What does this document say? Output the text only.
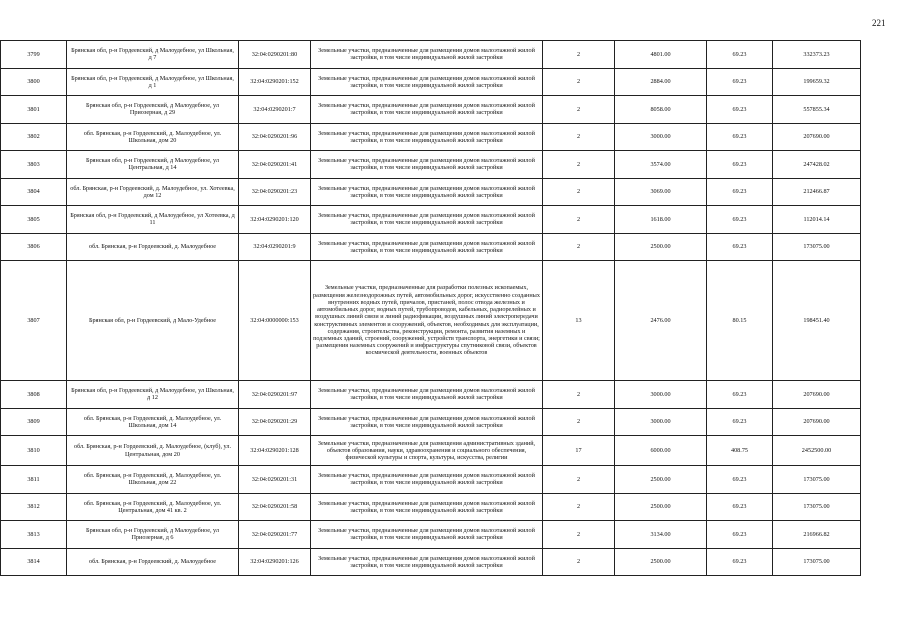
221
3799	Брянская обл, р-н Гордеевский, д Малоудебное, ул Школьная, д 7	32:04:0290201:80	Земельные участки, предназначенные для размещения домов малоэтажной жилой застройки, в том числе индивидуальной жилой застройки	2	4801.00	69.23	332373.23
3800	Брянская обл, р-н Гордеевский, д Малоудебное, ул Школьная, д 1	32:04:0290201:152	Земельные участки, предназначенные для размещения домов малоэтажной жилой застройки, в том числе индивидуальной жилой застройки	2	2884.00	69.23	199659.32
3801	Брянская обл, р-н Гордеевский, д Малоудебное, ул Приозерная, д 29	32:04:0290201:7	Земельные участки, предназначенные для размещения домов малоэтажной жилой застройки, в том числе индивидуальной жилой застройки	2	8058.00	69.23	557855.34
3802	обл. Брянская, р-н Гордеевский, д. Малоудебное, ул. Школьная, дом 20	32:04:0290201:96	Земельные участки, предназначенные для размещения домов малоэтажной жилой застройки, в том числе индивидуальной жилой застройки	2	3000.00	69.23	207690.00
3803	Брянская обл, р-н Гордеевский, д Малоудебное, ул Центральная, д 14	32:04:0290201:41	Земельные участки, предназначенные для размещения домов малоэтажной жилой застройки, в том числе индивидуальной жилой застройки	2	3574.00	69.23	247428.02
3804	обл. Брянская, р-н Гордеевский, д. Малоудебное, ул. Хотеевка, дом 12	32:04:0290201:23	Земельные участки, предназначенные для размещения домов малоэтажной жилой застройки, в том числе индивидуальной жилой застройки	2	3069.00	69.23	212466.87
3805	Брянская обл, р-н Гордеевский, д Малоудебное, ул Хотеевка, д 11	32:04:0290201:120	Земельные участки, предназначенные для размещения домов малоэтажной жилой застройки, в том числе индивидуальной жилой застройки	2	1618.00	69.23	112014.14
3806	обл. Брянская, р-н Гордеевский, д. Малоудебное	32:04:0290201:9	Земельные участки, предназначенные для размещения домов малоэтажной жилой застройки, в том числе индивидуальной жилой застройки	2	2500.00	69.23	173075.00
3807	Брянская обл, р-н Гордеевский, д Мало-Удебное	32:04:0000000:153	Земельные участки, предназначенные для разработки полезных ископаемых, размещения железнодорожных путей, автомобильных дорог, искусственно созданных внутренних водных путей, причалов, пристаней, полос отвода железных и автомобильных дорог, водных путей, трубопроводов, кабельных, радиорелейных и воздушных линий связи и линий радиофикации, воздушных линий электропередачи конструктивных элементов и сооружений, объектов, необходимых для эксплуатации, содержания, строительства, реконструкции, ремонта, развития наземных и подземных зданий, строений, сооружений, устройств транспорта, энергетики и связи; размещения наземных сооружений и инфраструктуры спутниковой связи, объектов космической деятельности, военных объектов	13	2476.00	80.15	198451.40
3808	Брянская обл, р-н Гордеевский, д Малоудебное, ул Школьная, д 12	32:04:0290201:97	Земельные участки, предназначенные для размещения домов малоэтажной жилой застройки, в том числе индивидуальной жилой застройки	2	3000.00	69.23	207690.00
3809	обл. Брянская, р-н Гордеевский, д. Малоудебное, ул. Школьная, дом 14	32:04:0290201:29	Земельные участки, предназначенные для размещения домов малоэтажной жилой застройки, в том числе индивидуальной жилой застройки	2	3000.00	69.23	207690.00
3810	обл. Брянская, р-н Гордеевский, д. Малоудебное, (клуб), ул. Центральная, дом 20	32:04:0290201:128	Земельные участки, предназначенные для размещения административных зданий, объектов образования, науки, здравоохранения и социального обеспечения, физической культуры и спорта, культуры, искусства, религии	17	6000.00	408.75	2452500.00
3811	обл. Брянская, р-н Гордеевский, д. Малоудебное, ул. Школьная, дом 22	32:04:0290201:31	Земельные участки, предназначенные для размещения домов малоэтажной жилой застройки, в том числе индивидуальной жилой застройки	2	2500.00	69.23	173075.00
3812	обл. Брянская, р-н Гордеевский, д. Малоудебное, ул. Центральная, дом 41 кв. 2	32:04:0290201:58	Земельные участки, предназначенные для размещения домов малоэтажной жилой застройки, в том числе индивидуальной жилой застройки	2	2500.00	69.23	173075.00
3813	Брянская обл, р-н Гордеевский, д Малоудебное, ул Приозерная, д 6	32:04:0290201:77	Земельные участки, предназначенные для размещения домов малоэтажной жилой застройки, в том числе индивидуальной жилой застройки	2	3134.00	69.23	216966.82
3814	обл. Брянская, р-н Гордеевский, д. Малоудебное	32:04:0290201:126	Земельные участки, предназначенные для размещения домов малоэтажной жилой застройки, в том числе индивидуальной жилой застройки	2	2500.00	69.23	173075.00
